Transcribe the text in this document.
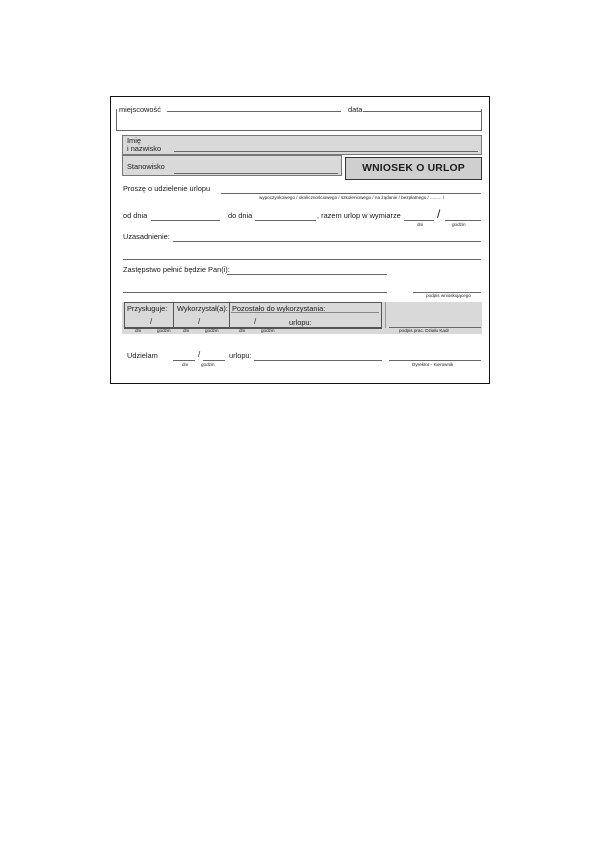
miejscowość	data
Imię
i nazwisko
Stanowisko	WNIOSEK O URLOP
Proszę o udzielenie urlopu
wypoczynkowego / okolicznościowego / szkoleniowego / na żądanie / bezpłatnego / ......... /
od dnia	do dnia	, razem urlop w wymiarze	/
dni	godzin
Uzasadnienie:
Zastępstwo pełnić będzie Pan(i):
podpis wnioskującego
Przysługuje: Wykorzystał(a): Pozostało do wykorzystania:
/	/	/	urlopu:
dni	godzin	dni	godzin	dni	godzin	podpis prac. Działu Kadr
Udzielam	/	urlopu:
dni	godzin	Dyrektor - Kierownik
